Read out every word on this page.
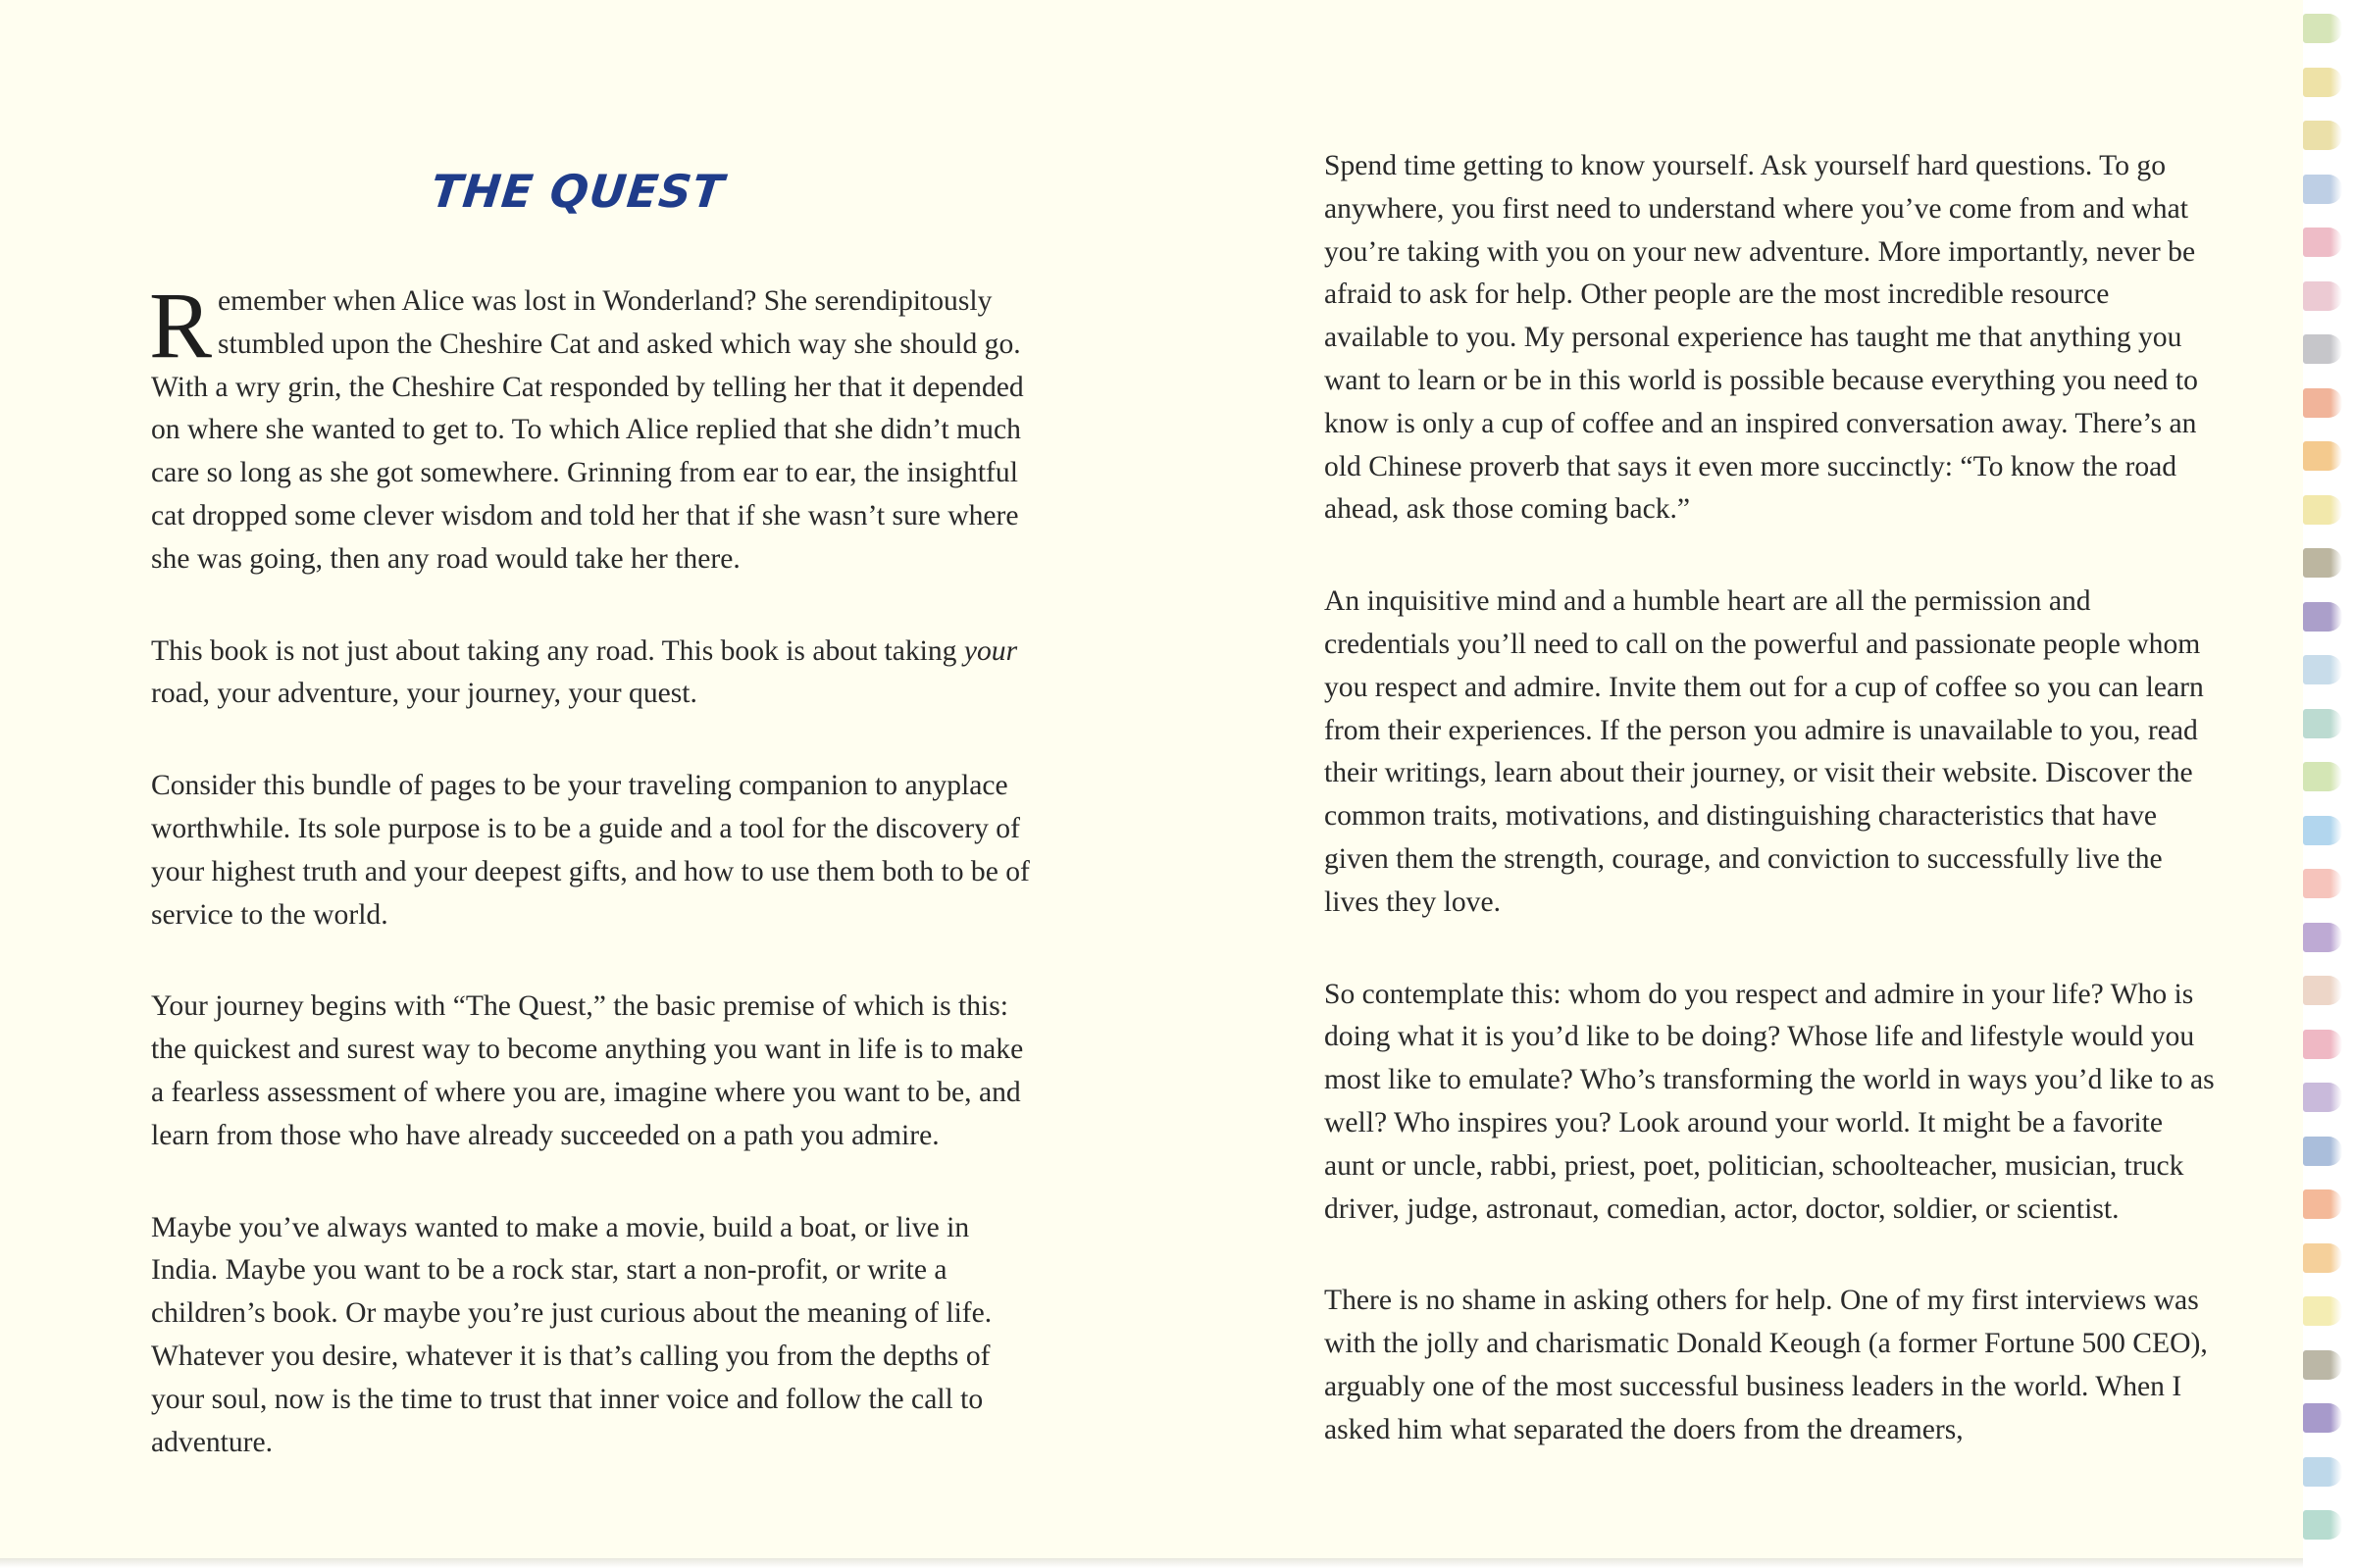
THE QUEST

Remember when Alice was lost in Wonderland? She serendipitously stumbled upon the Cheshire Cat and asked which way she should go. With a wry grin, the Cheshire Cat responded by telling her that it depended on where she wanted to get to. To which Alice replied that she didn’t much care so long as she got somewhere. Grinning from ear to ear, the insightful cat dropped some clever wisdom and told her that if she wasn’t sure where she was going, then any road would take her there.

This book is not just about taking any road. This book is about taking your road, your adventure, your journey, your quest.

Consider this bundle of pages to be your traveling companion to anyplace worthwhile. Its sole purpose is to be a guide and a tool for the discovery of your highest truth and your deepest gifts, and how to use them both to be of service to the world.

Your journey begins with “The Quest,” the basic premise of which is this: the quickest and surest way to become anything you want in life is to make a fearless assessment of where you are, imagine where you want to be, and learn from those who have already succeeded on a path you admire.

Maybe you’ve always wanted to make a movie, build a boat, or live in India. Maybe you want to be a rock star, start a non-profit, or write a children’s book. Or maybe you’re just curious about the meaning of life. Whatever you desire, whatever it is that’s calling you from the depths of your soul, now is the time to trust that inner voice and follow the call to adventure.

Spend time getting to know yourself. Ask yourself hard questions. To go anywhere, you first need to understand where you’ve come from and what you’re taking with you on your new adventure. More importantly, never be afraid to ask for help. Other people are the most incredible resource available to you. My personal experience has taught me that anything you want to learn or be in this world is possible because everything you need to know is only a cup of coffee and an inspired conversation away. There’s an old Chinese proverb that says it even more succinctly: “To know the road ahead, ask those coming back.”

An inquisitive mind and a humble heart are all the permission and credentials you’ll need to call on the powerful and passionate people whom you respect and admire. Invite them out for a cup of coffee so you can learn from their experiences. If the person you admire is unavailable to you, read their writings, learn about their journey, or visit their website. Discover the common traits, motivations, and distinguishing characteristics that have given them the strength, courage, and conviction to successfully live the lives they love.

So contemplate this: whom do you respect and admire in your life? Who is doing what it is you’d like to be doing? Whose life and lifestyle would you most like to emulate? Who’s transforming the world in ways you’d like to as well? Who inspires you? Look around your world. It might be a favorite aunt or uncle, rabbi, priest, poet, politician, schoolteacher, musician, truck driver, judge, astronaut, comedian, actor, doctor, soldier, or scientist.

There is no shame in asking others for help. One of my first interviews was with the jolly and charismatic Donald Keough (a former Fortune 500 CEO), arguably one of the most successful business leaders in the world. When I asked him what separated the doers from the dreamers,
